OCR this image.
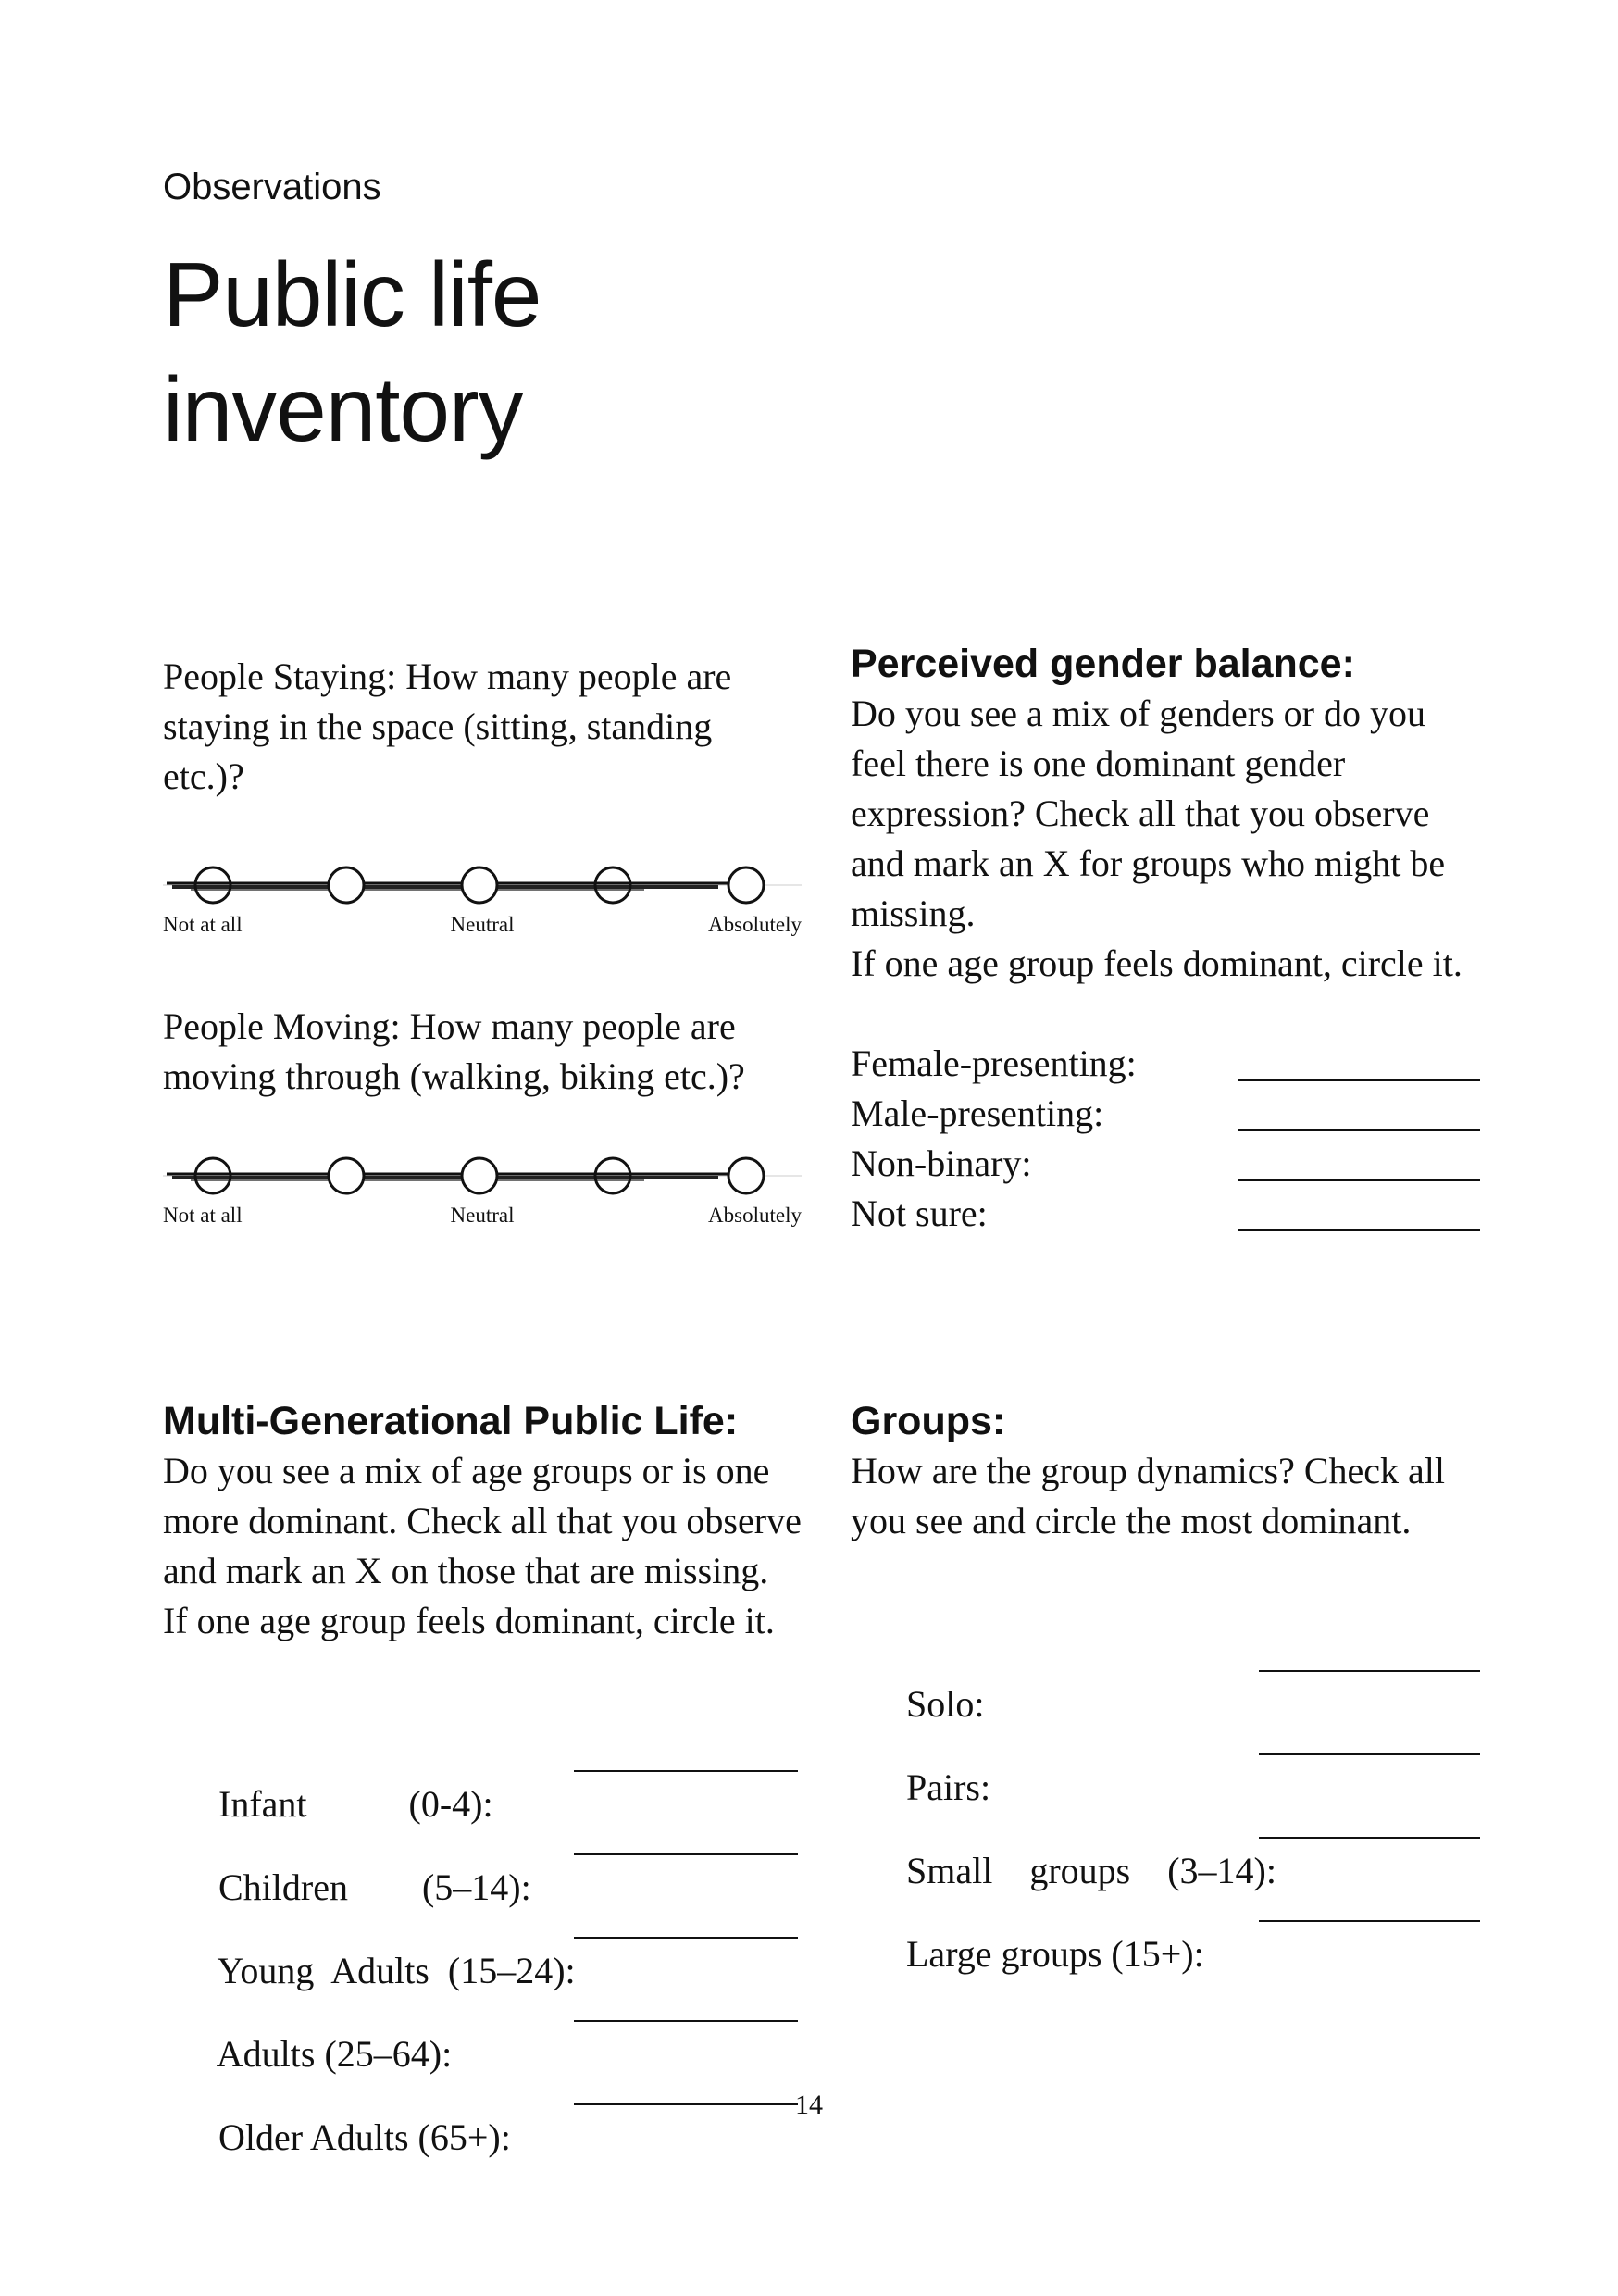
Observations
Public life inventory
People Staying: How many people are staying in the space (sitting, standing etc.)?
Not at all	Neutral	Absolutely
People Moving: How many people are moving through (walking, biking etc.)?
Not at all	Neutral	Absolutely
Perceived gender balance:

Do you see a mix of genders or do you feel there is one dominant gender expression? Check all that you observe and mark an X for groups who might be missing.

If one age group feels dominant, circle it.

Female-presenting:
Male-presenting:
Non-binary:
Not sure:
Multi-Generational Public Life:

Do you see a mix of age groups or is one more dominant. Check all that you observe and mark an X on those that are missing. If one age group feels dominant, circle it.

Infant           (0-4):

Children        (5–14):

Young  Adults  (15–24):

Adults (25–64):

Older Adults (65+):

Groups:

How are the group dynamics? Check all you see and circle the most dominant.

Solo:

Pairs:

Small    groups    (3–14):

Large groups (15+):

14
